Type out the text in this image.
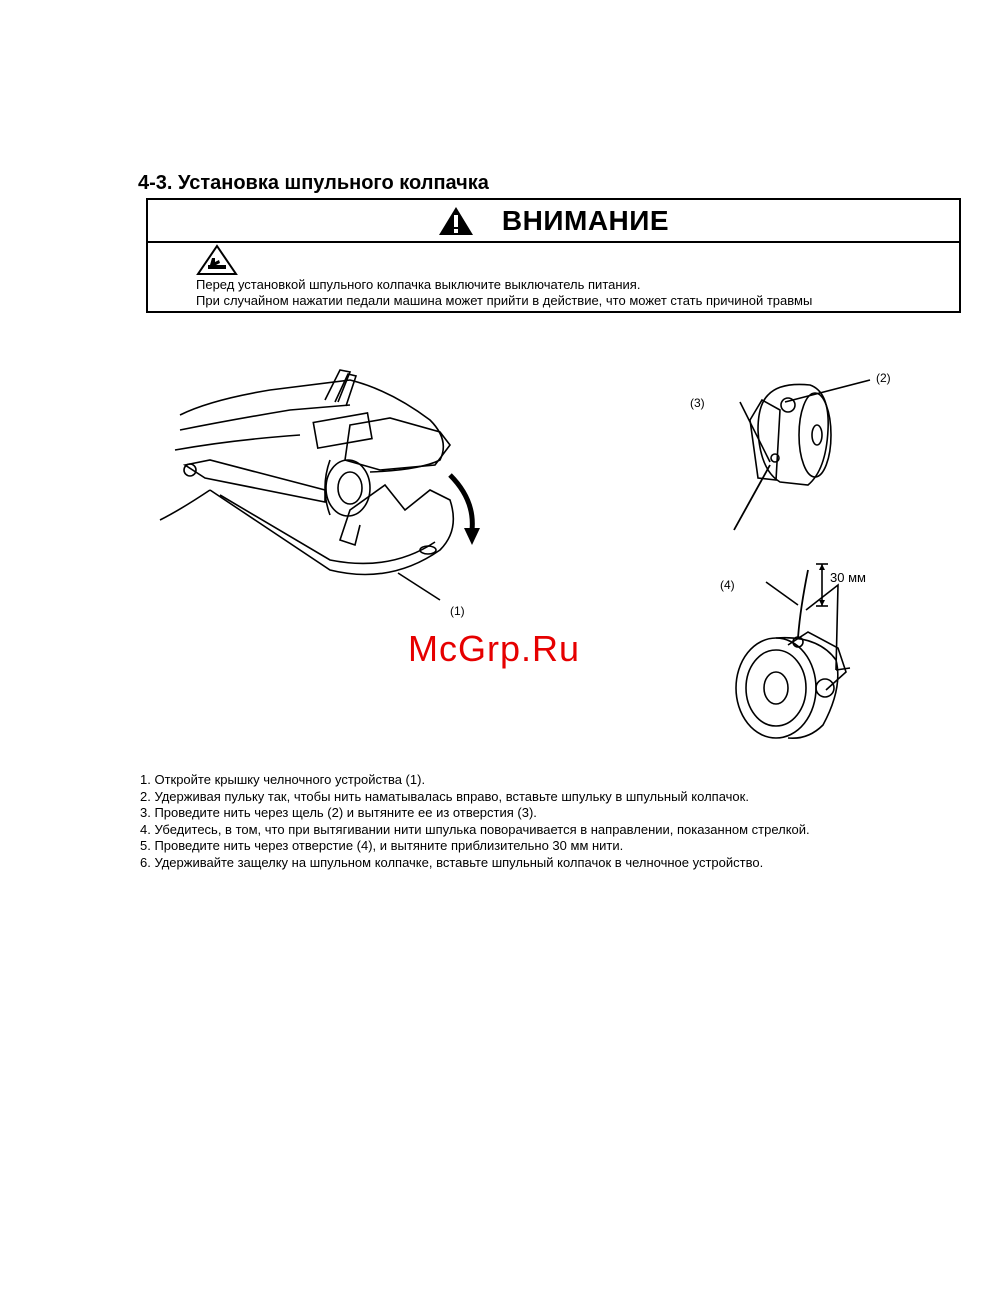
4-3. Установка шпульного колпачка
ВНИМАНИЕ
Перед установкой шпульного колпачка выключите выключатель питания.
При случайном нажатии педали машина может прийти в действие, что может стать причиной травмы
(1)
(2)
(3)
(4)	30 мм
McGrp.Ru
1. Откройте крышку челночного устройства (1).
2. Удерживая пульку так, чтобы нить наматывалась вправо, вставьте шпульку в шпульный колпачок.
3. Проведите нить через щель (2) и вытяните ее из отверстия (3).
4. Убедитесь, в том, что при вытягивании нити шпулька поворачивается в направлении, показанном стрелкой.
5. Проведите нить через отверстие (4), и вытяните приблизительно 30 мм нити.
6. Удерживайте защелку на шпульном колпачке, вставьте шпульный колпачок в челночное устройство.
